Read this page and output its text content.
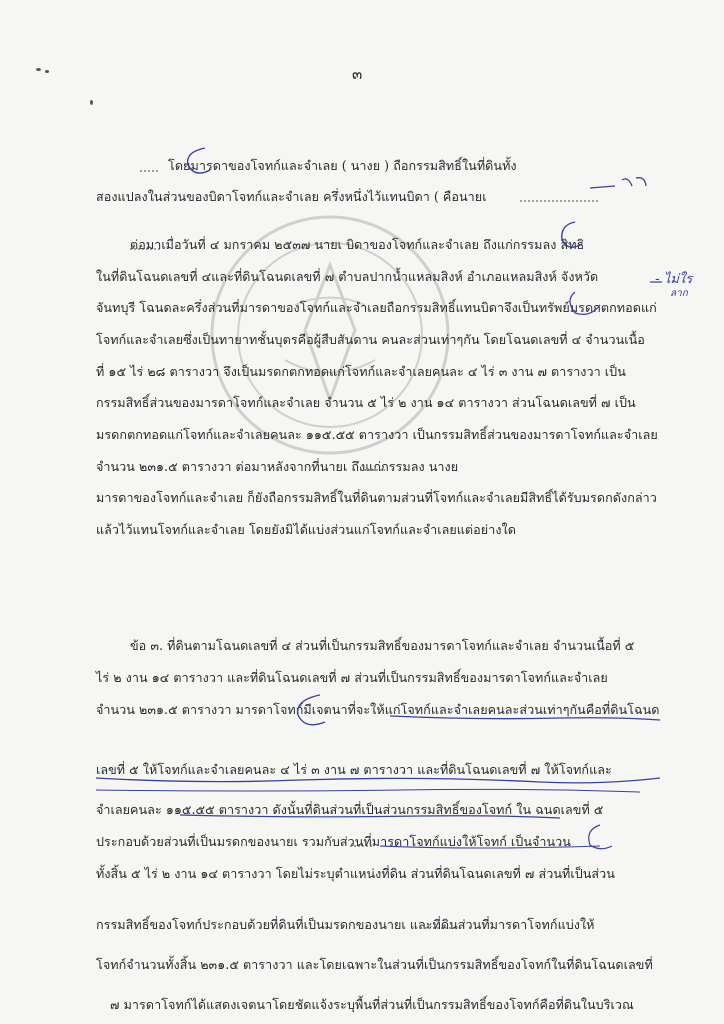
๓
โดยมารดาของโจทก์และจำเลย ( นางย ) ถือกรรมสิทธิ์ในที่ดินทั้ง
สองแปลงในส่วนของบิดาโจทก์และจำเลย ครึ่งหนึ่งไว้แทนบิดา ( คือนายเ
ต่อมาเมื่อวันที่ ๔ มกราคม ๒๕๓๗ นายเ บิดาของโจทก์และจำเลย ถึงแก่กรรมลง สิทธิ
ในที่ดินโฉนดเลขที่ ๔และที่ดินโฉนดเลขที่ ๗ ตำบลปากน้ำแหลมสิงห์ อำเภอแหลมสิงห์ จังหวัด
จันทบุรี โฉนดละครึ่งส่วนที่มารดาของโจทก์และจำเลยถือกรรมสิทธิ์แทนบิดาจึงเป็นทรัพย์มรดกตกทอดแก่
โจทก์และจำเลยซึ่งเป็นทายาทชั้นบุตรคือผู้สืบสันดาน คนละส่วนเท่าๆกัน โดยโฉนดเลขที่ ๔ จำนวนเนื้อ
ที่ ๑๕ ไร่ ๒๘ ตารางวา จึงเป็นมรดกตกทอดแก่โจทก์และจำเลยคนละ ๔ ไร่ ๓ งาน ๗ ตารางวา เป็น
กรรมสิทธิ์ส่วนของมารดาโจทก์และจำเลย จำนวน ๕ ไร่ ๒ งาน ๑๔ ตารางวา ส่วนโฉนดเลขที่ ๗ เป็น
มรดกตกทอดแก่โจทก์และจำเลยคนละ ๑๑๕.๕๕ ตารางวา เป็นกรรมสิทธิ์ส่วนของมารดาโจทก์และจำเลย
จำนวน ๒๓๑.๕ ตารางวา ต่อมาหลังจากที่นายเ ถึงแก่กรรมลง นางย
มารดาของโจทก์และจำเลย ก็ยังถือกรรมสิทธิ์ในที่ดินตามส่วนที่โจทก์และจำเลยมีสิทธิ์ได้รับมรดกดังกล่าว
แล้วไว้แทนโจทก์และจำเลย โดยยังมิได้แบ่งส่วนแก่โจทก์และจำเลยแต่อย่างใด
ข้อ ๓. ที่ดินตามโฉนดเลขที่ ๔ ส่วนที่เป็นกรรมสิทธิ์ของมารดาโจทก์และจำเลย จำนวนเนื้อที่ ๕
ไร่ ๒ งาน ๑๔ ตารางวา และที่ดินโฉนดเลขที่ ๗ ส่วนที่เป็นกรรมสิทธิ์ของมารดาโจทก์และจำเลย
จำนวน ๒๓๑.๕ ตารางวา มารดาโจทก์มีเจตนาที่จะให้แก่โจทก์และจำเลยคนละส่วนเท่าๆกันคือที่ดินโฉนด
เลขที่ ๕ ให้โจทก์และจำเลยคนละ ๔ ไร่ ๓ งาน ๗ ตารางวา และที่ดินโฉนดเลขที่ ๗ ให้โจทก์และ
จำเลยคนละ ๑๑๕.๕๕ ตารางวา ดังนั้นที่ดินส่วนที่เป็นส่วนกรรมสิทธิ์ของโจทก์ ใน ฉนดเลขที่ ๕
ประกอบด้วยส่วนที่เป็นมรดกของนายเ รวมกับส่วนที่มารดาโจทก์แบ่งให้โจทก์ เป็นจำนวน
ทั้งสิ้น ๕ ไร่ ๒ งาน ๑๔ ตารางวา โดยไม่ระบุตำแหน่งที่ดิน ส่วนที่ดินโฉนดเลขที่ ๗ ส่วนที่เป็นส่วน
กรรมสิทธิ์ของโจทก์ประกอบด้วยที่ดินที่เป็นมรดกของนายเ และที่ดินส่วนที่มารดาโจทก์แบ่งให้
โจทก์จำนวนทั้งสิ้น ๒๓๑.๕ ตารางวา และโดยเฉพาะในส่วนที่เป็นกรรมสิทธิ์ของโจทก์ในที่ดินโฉนดเลขที่
๗ มารดาโจทก์ได้แสดงเจตนาโดยชัดแจ้งระบุพื้นที่ส่วนที่เป็นกรรมสิทธิ์ของโจทก์คือที่ดินในบริเวณ
- ไม่ใร
ลาก
